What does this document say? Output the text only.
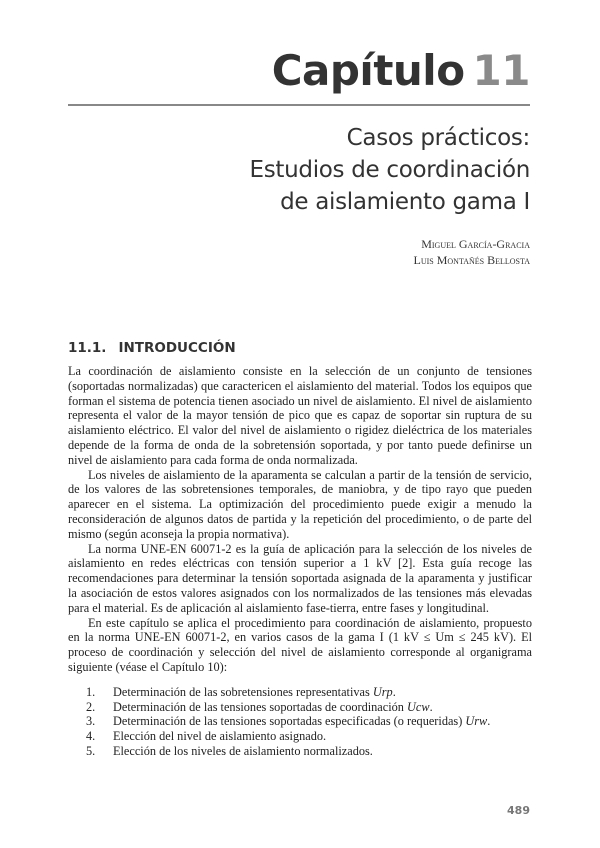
Capítulo 11
Casos prácticos:
Estudios de coordinación
de aislamiento gama I
Miguel García-Gracia
Luis Montañés Bellosta
11.1. INTRODUCCIÓN

La coordinación de aislamiento consiste en la selección de un conjunto de tensiones (soportadas normalizadas) que caractericen el aislamiento del material. Todos los equipos que forman el sistema de potencia tienen asociado un nivel de aislamiento. El nivel de aislamiento representa el valor de la mayor tensión de pico que es capaz de soportar sin ruptura de su aislamiento eléctrico. El valor del nivel de aislamiento o rigidez dieléctrica de los materiales depende de la forma de onda de la sobretensión soportada, y por tanto puede definirse un nivel de aislamiento para cada forma de onda normalizada.

Los niveles de aislamiento de la aparamenta se calculan a partir de la tensión de servicio, de los valores de las sobretensiones temporales, de maniobra, y de tipo rayo que pueden aparecer en el sistema. La optimización del procedimiento puede exigir a menudo la reconsideración de algunos datos de partida y la repetición del procedimiento, o de parte del mismo (según aconseja la propia normativa).

La norma UNE-EN 60071-2 es la guía de aplicación para la selección de los niveles de aislamiento en redes eléctricas con tensión superior a 1 kV [2]. Esta guía recoge las recomendaciones para determinar la tensión soportada asignada de la aparamenta y justificar la asociación de estos valores asignados con los normalizados de las tensiones más elevadas para el material. Es de aplicación al aislamiento fase-tierra, entre fases y longitudinal.

En este capítulo se aplica el procedimiento para coordinación de aislamiento, propuesto en la norma UNE-EN 60071-2, en varios casos de la gama I (1 kV ≤ Um ≤ 245 kV). El proceso de coordinación y selección del nivel de aislamiento corresponde al organigrama siguiente (véase el Capítulo 10):

1.	Determinación de las sobretensiones representativas Urp.
2.	Determinación de las tensiones soportadas de coordinación Ucw.
3.	Determinación de las tensiones soportadas especificadas (o requeridas) Urw.
4.	Elección del nivel de aislamiento asignado.
5.	Elección de los niveles de aislamiento normalizados.
489
